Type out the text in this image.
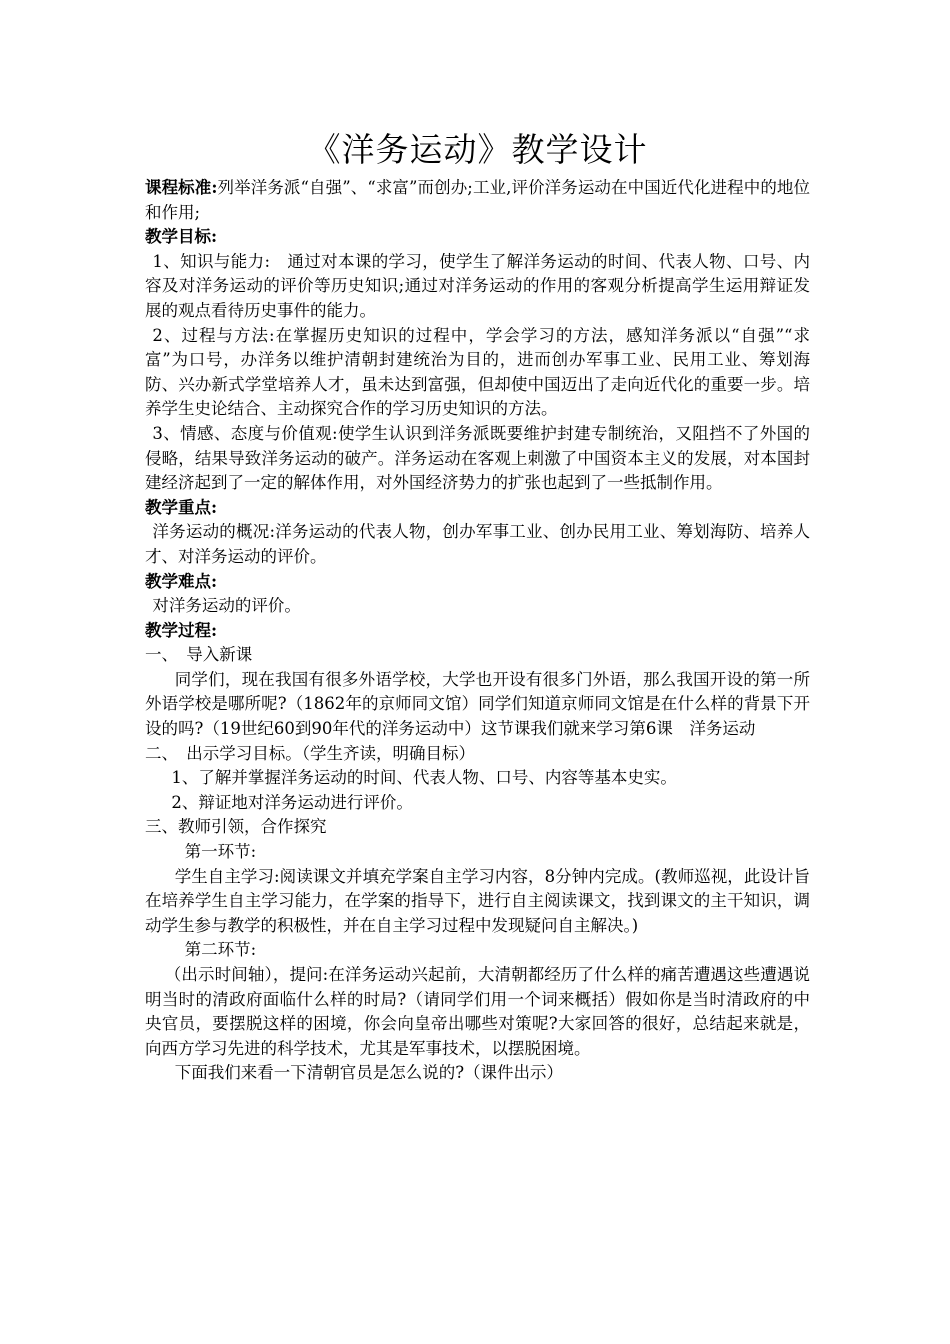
《洋务运动》教学设计

课程标准:列举洋务派“自强”、“求富”而创办;工业,评价洋务运动在中国近代化进程中的地位和作用;

教学目标:

1、知识与能力:　通过对本课的学习，使学生了解洋务运动的时间、代表人物、口号、内容及对洋务运动的评价等历史知识;通过对洋务运动的作用的客观分析提高学生运用辩证发展的观点看待历史事件的能力。

2、过程与方法:在掌握历史知识的过程中，学会学习的方法，感知洋务派以“自强”“求富”为口号，办洋务以维护清朝封建统治为目的，进而创办军事工业、民用工业、筹划海防、兴办新式学堂培养人才，虽未达到富强，但却使中国迈出了走向近代化的重要一步。培养学生史论结合、主动探究合作的学习历史知识的方法。

3、情感、态度与价值观:使学生认识到洋务派既要维护封建专制统治，又阻挡不了外国的侵略，结果导致洋务运动的破产。洋务运动在客观上刺激了中国资本主义的发展，对本国封建经济起到了一定的解体作用，对外国经济势力的扩张也起到了一些抵制作用。

教学重点:

洋务运动的概况:洋务运动的代表人物，创办军事工业、创办民用工业、筹划海防、培养人才、对洋务运动的评价。

教学难点:

对洋务运动的评价。

教学过程:

一、　导入新课

同学们，现在我国有很多外语学校，大学也开设有很多门外语，那么我国开设的第一所外语学校是哪所呢?（1862年的京师同文馆）同学们知道京师同文馆是在什么样的背景下开设的吗?（19世纪60到90年代的洋务运动中）这节课我们就来学习第6课　洋务运动

二、　出示学习目标。（学生齐读，明确目标）

1、了解并掌握洋务运动的时间、代表人物、口号、内容等基本史实。

2、辩证地对洋务运动进行评价。

三、教师引领，合作探究

第一环节:

学生自主学习:阅读课文并填充学案自主学习内容，8分钟内完成。(教师巡视，此设计旨在培养学生自主学习能力，在学案的指导下，进行自主阅读课文，找到课文的主干知识，调动学生参与教学的积极性，并在自主学习过程中发现疑问自主解决。)

第二环节:

（出示时间轴），提问:在洋务运动兴起前，大清朝都经历了什么样的痛苦遭遇这些遭遇说明当时的清政府面临什么样的时局?（请同学们用一个词来概括）假如你是当时清政府的中央官员，要摆脱这样的困境，你会向皇帝出哪些对策呢?大家回答的很好，总结起来就是，向西方学习先进的科学技术，尤其是军事技术，以摆脱困境。

下面我们来看一下清朝官员是怎么说的?（课件出示）
